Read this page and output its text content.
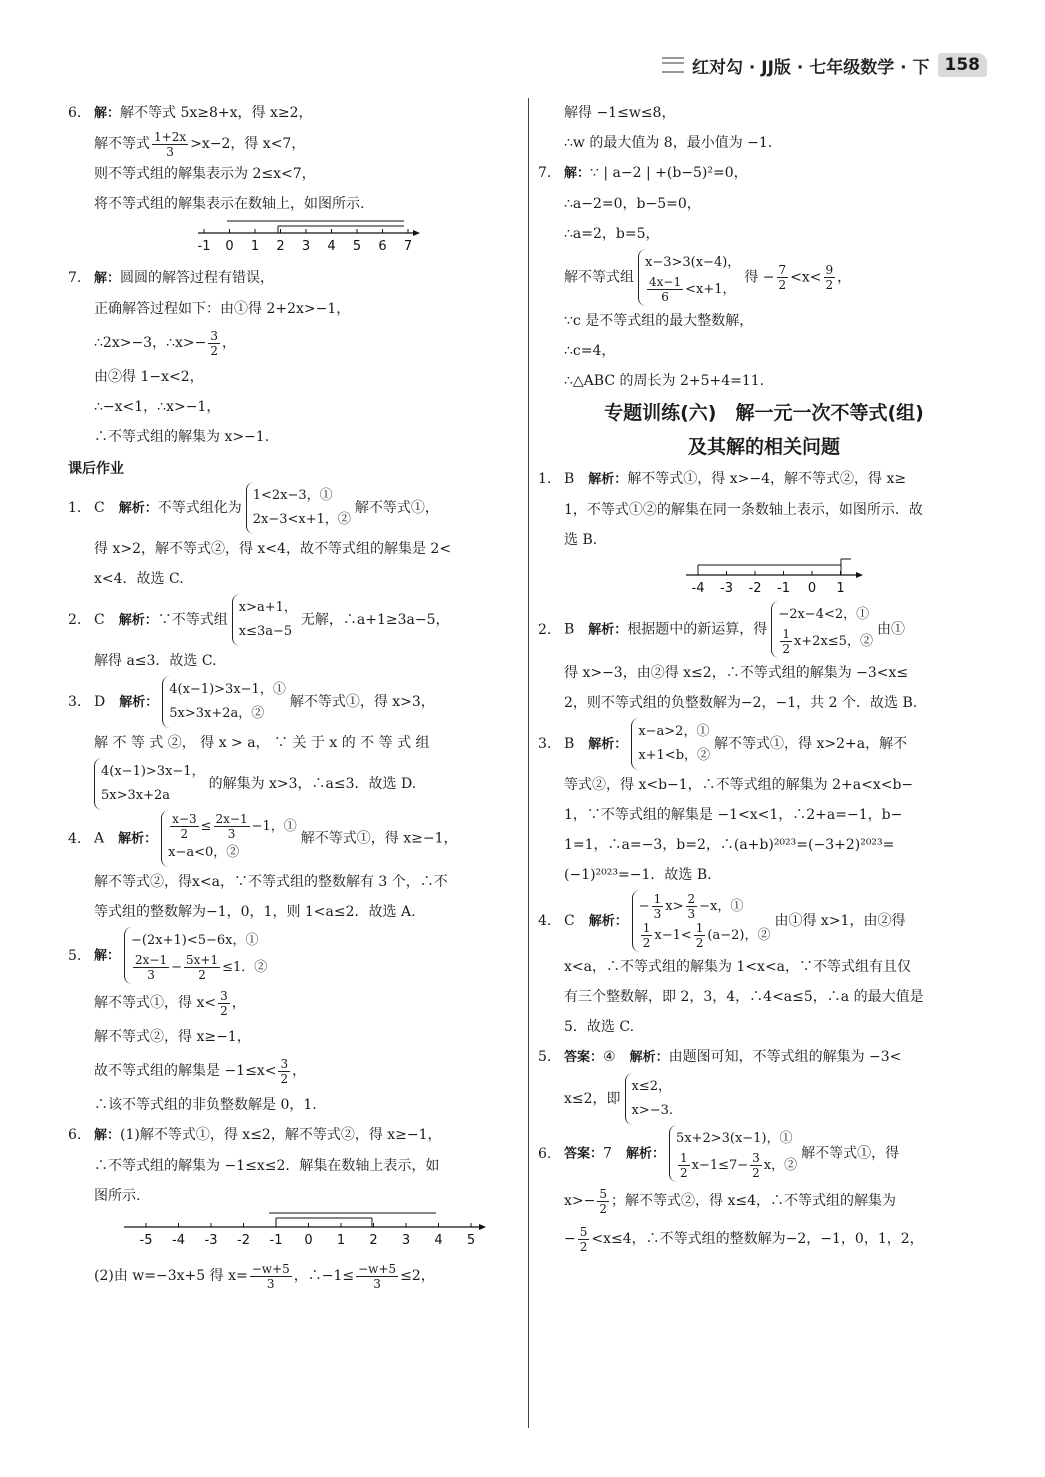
红对勾 · JJ版 · 七年级数学 · 下 158

6. 解：解不等式 5x≥8+x，得 x≥2，

解不等式 $\frac{1+2x}{3} >x-2$，得 x<7，

则不等式组的解集表示为 2≤x<7，

将不等式组的解集表示在数轴上，如图所示.

-1 0 1 2 3 4 5 6 7

7. 解：圆圆的解答过程有错误，

正确解答过程如下：由①得 2+2x>−1，

∴2x>−3，∴x>− $\frac{3}{2}$ ，

由②得 1−x<2，

∴−x<1，∴x>−1，

∴不等式组的解集为 x>−1.

课后作业

1. C　 解析：不等式组化为1<2x−3，①
2x−3<x+1，②解不等式①，

得 x>2，解不等式②，得 x<4，故不等式组的解集是 2<

x<4．故选 C.

2. C　 解析：∵不等式组x>a+1，
x≤3a−5无解，∴a+1≥3a−5，

解得 a≤3．故选 C.

3. D　 解析：4(x−1)>3x−1，①
5x>3x+2a，②解不等式①，得 x>3，

解 不 等 式 ②， 得 x > a， ∵ 关 于 x 的 不 等 式 组

4(x−1)>3x−1，
5x>3x+2a的解集为 x>3，∴a≤3．故选 D.

4. A　 解析： $\frac{x-3}{2} \le \frac{2x-1}{3} -1$，①
x−a<0，②解不等式①，得 x≥−1，

解不等式②，得x<a，∵不等式组的整数解有 3 个，∴不

等式组的整数解为−1，0，1，则 1<a≤2．故选 A.

5. 解：−(2x+1)<5−6x，①

$\frac{2x-1}{3} - \frac{5x+1}{2} \le 1$．②

解不等式①，得 $x< \frac{3}{2}$ ，

解不等式②，得 x≥−1，

故不等式组的解集是 $-1\le x< \frac{3}{2}$ ，

∴该不等式组的非负整数解是 0，1.

6. 解：(1)解不等式①，得 x≤2，解不等式②，得 x≥−1，

∴不等式组的解集为 −1≤x≤2．解集在数轴上表示，如

图所示.

-5 -4 -3 -2 -1 0 1 2 3 4 5

(2)由 w=−3x+5 得 $x= \frac{-w+5}{3}$ ，∴−1≤ $\frac{-w+5}{3} \le 2$，

解得 −1≤w≤8，

∴w 的最大值为 8，最小值为 −1.

7. 解：∵ | a−2 | +(b−5)²=0，

∴a−2=0，b−5=0，

∴a=2，b=5，

解不等式组x−3>3(x−4)，

$\frac{4x-1}{6} <x+1$，得 − $\frac{7}{2} <x< \frac{9}{2}$ ，

∵c 是不等式组的最大整数解，

∴c=4，

∴△ABC 的周长为 2+5+4=11.

专题训练(六)　解一元一次不等式(组)
及其解的相关问题

1. B　 解析：解不等式①，得 x>−4，解不等式②，得 x≥

1，不等式①②的解集在同一条数轴上表示，如图所示．故

选 B.

-4 -3 -2 -1 0 1

2. B　 解析：根据题中的新运算，得−2x−4<2，①

$\frac{1}{2} x+2x\le 5$，②由①

得 x>−3，由②得 x≤2，∴不等式组的解集为 −3<x≤

2，则不等式组的负整数解为−2，−1，共 2 个．故选 B.

3. B　 解析：x−a>2，①
x+1<b，②解不等式①，得 x>2+a，解不

等式②，得 x<b−1，∴不等式组的解集为 2+a<x<b−

1，∵不等式组的解集是 −1<x<1，∴2+a=−1，b−

1=1，∴a=−3，b=2，∴(a+b)²⁰²³=(−3+2)²⁰²³=

(−1)²⁰²³=−1．故选 B.

4. C　 解析：− $\frac{1}{3} x> \frac{2}{3} -x$，①

$\frac{1}{2} x-1< \frac{1}{2} (a-2)$，②由①得 x>1，由②得

x<a，∴不等式组的解集为 1<x<a，∵不等式组有且仅

有三个整数解，即 2，3，4，∴4<a≤5，∴a 的最大值是

5．故选 C.

5. 答案：④　 解析：由题图可知，不等式组的解集为 −3<

x≤2，即x≤2，
x>−3.

6. 答案：7　 解析：5x+2>3(x−1)，①

$\frac{1}{2} x-1\le 7- \frac{3}{2}$ x，②解不等式①，得

$x>- \frac{5}{2}$ ；解不等式②，得 x≤4，∴不等式组的解集为

− $\frac{5}{2} <x\le 4$，∴不等式组的整数解为−2，−1，0，1，2，
